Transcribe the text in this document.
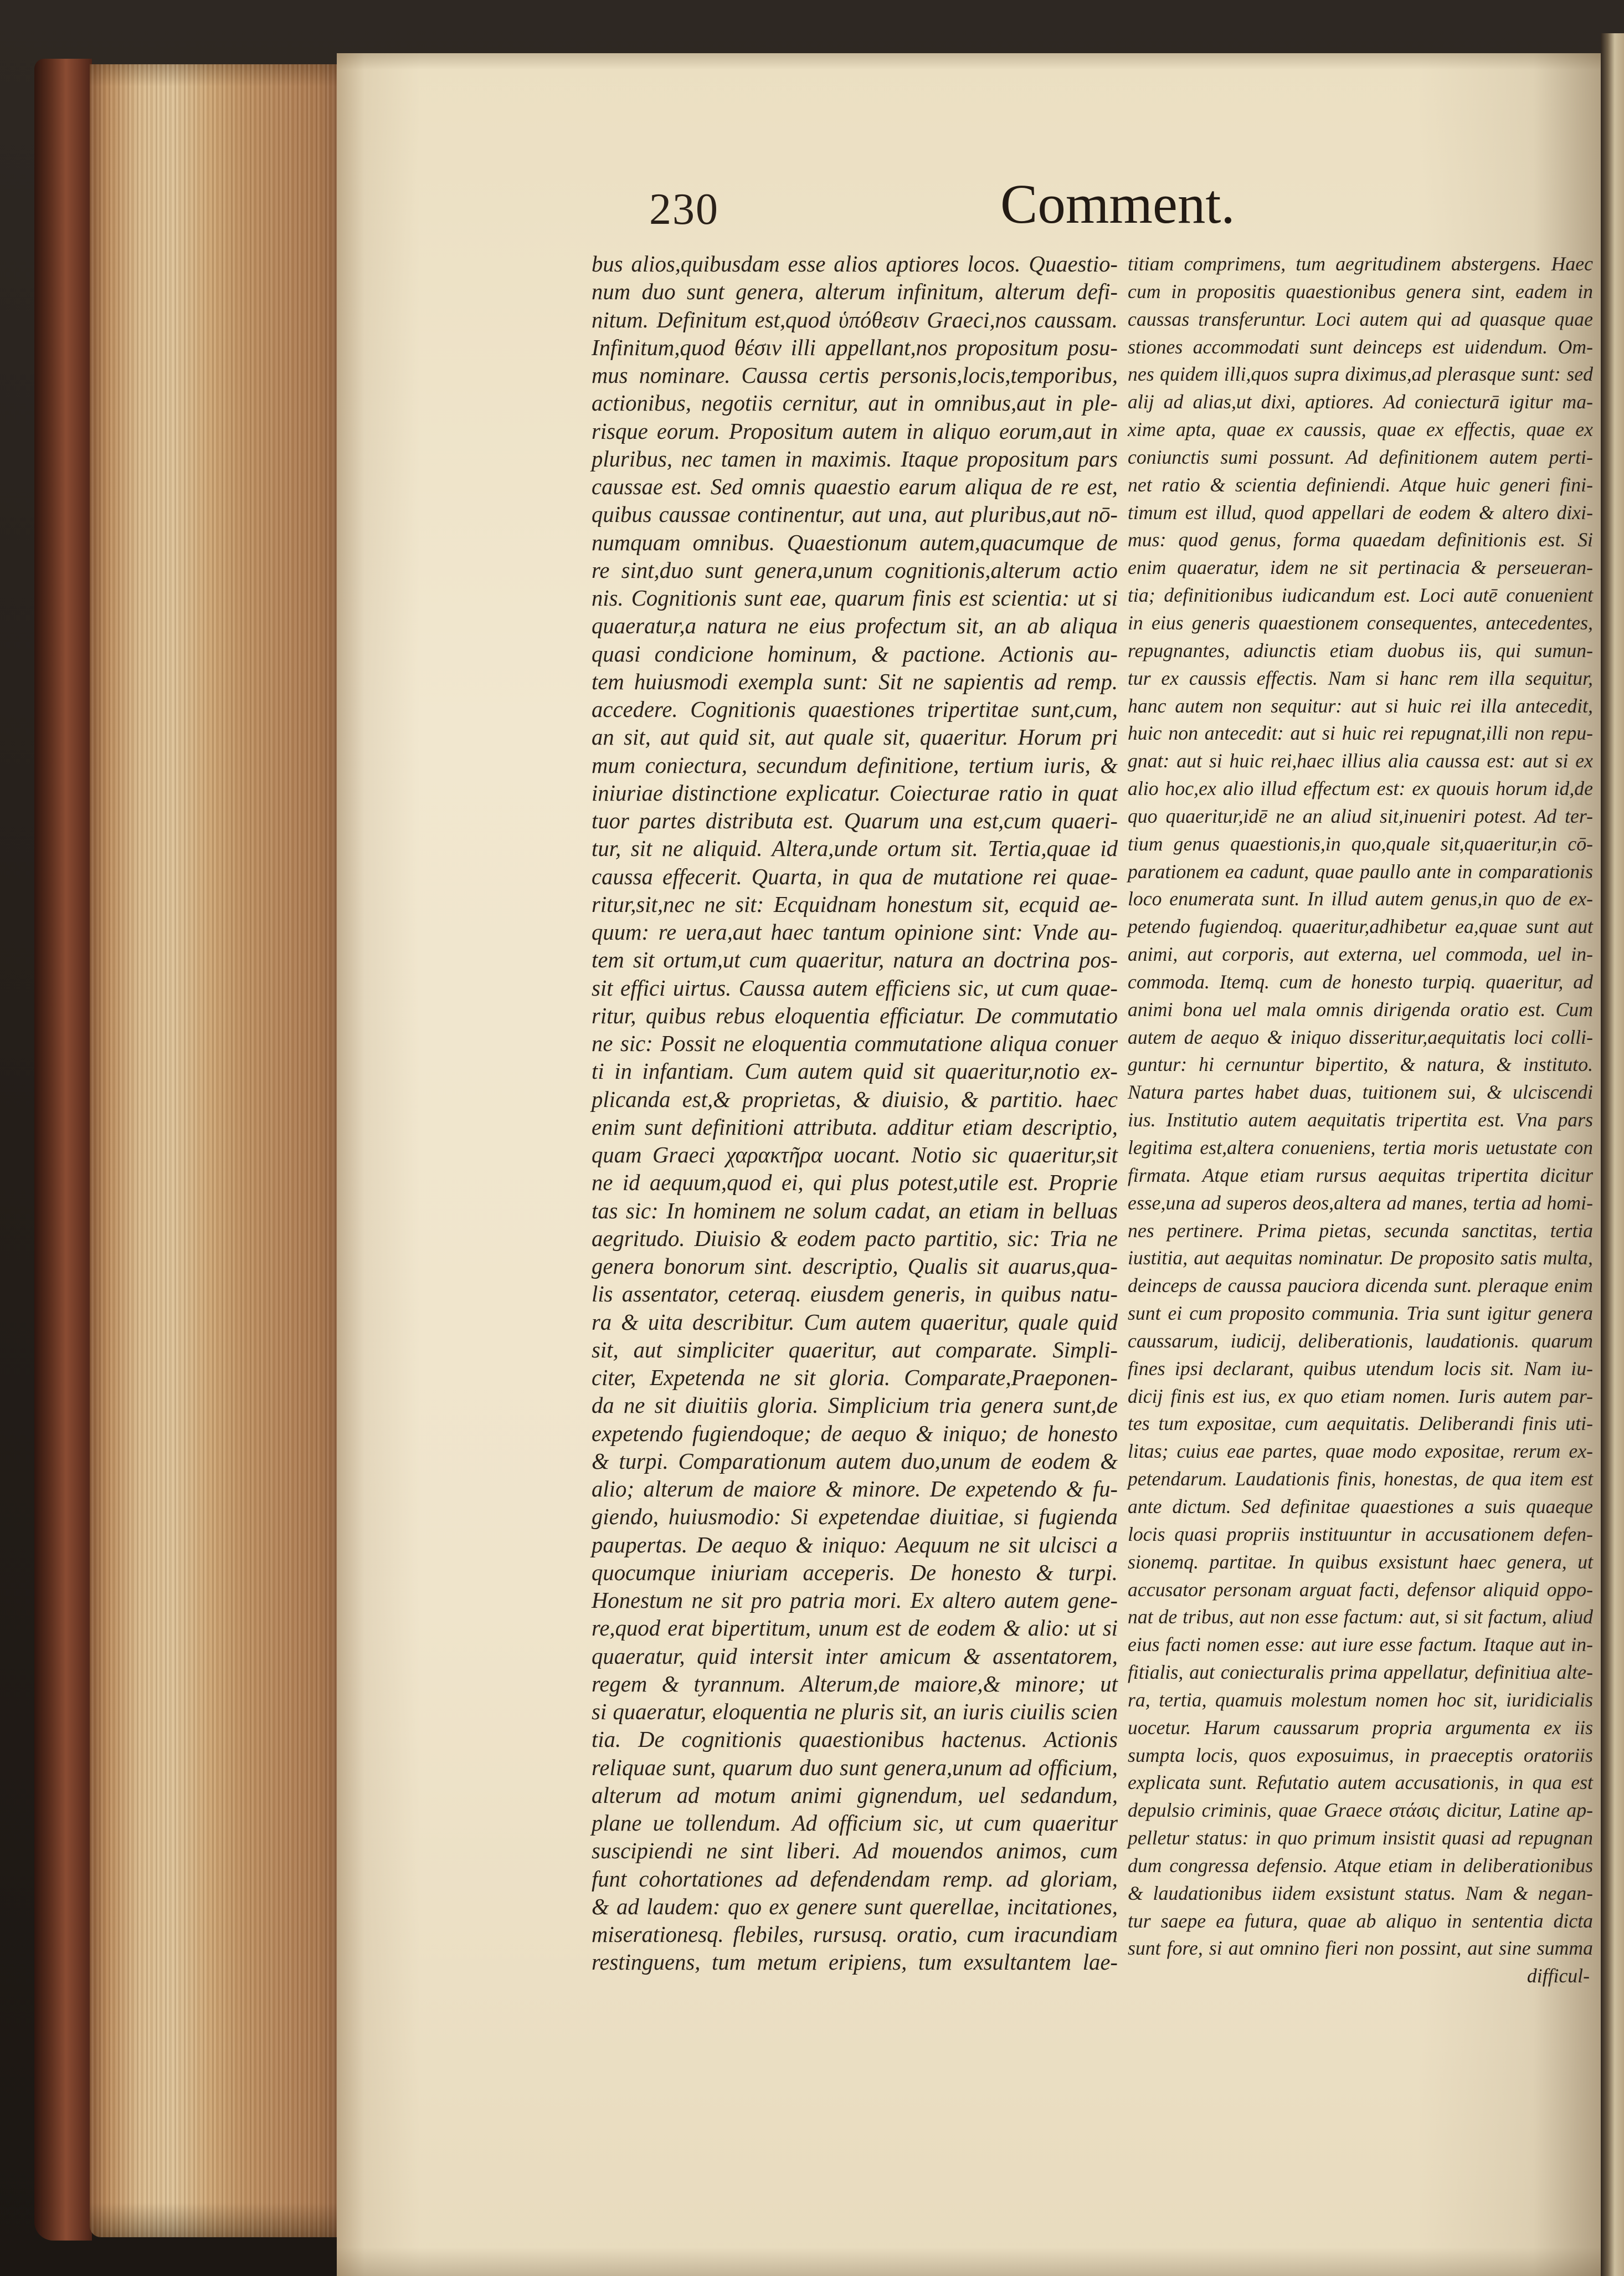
230	Comment.
bus alios,quibusdam esse alios aptiores locos. Quaestio-
num duo sunt genera, alterum infinitum, alterum defi-
nitum. Definitum est,quod ὑπόθεσιν Graeci,nos caussam.
Infinitum,quod θέσιν illi appellant,nos propositum posu-
mus nominare. Caussa certis personis,locis,temporibus,
actionibus, negotiis cernitur, aut in omnibus,aut in ple-
risque eorum. Propositum autem in aliquo eorum,aut in
pluribus, nec tamen in maximis. Itaque propositum pars
caussae est. Sed omnis quaestio earum aliqua de re est,
quibus caussae continentur, aut una, aut pluribus,aut nō-
numquam omnibus. Quaestionum autem,quacumque de
re sint,duo sunt genera,unum cognitionis,alterum actio
nis. Cognitionis sunt eae, quarum finis est scientia: ut si
quaeratur,a natura ne eius profectum sit, an ab aliqua
quasi condicione hominum, & pactione. Actionis au-
tem huiusmodi exempla sunt: Sit ne sapientis ad remp.
accedere. Cognitionis quaestiones tripertitae sunt,cum,
an sit, aut quid sit, aut quale sit, quaeritur. Horum pri
mum coniectura, secundum definitione, tertium iuris, &
iniuriae distinctione explicatur. Coiecturae ratio in quat
tuor partes distributa est. Quarum una est,cum quaeri-
tur, sit ne aliquid. Altera,unde ortum sit. Tertia,quae id
caussa effecerit. Quarta, in qua de mutatione rei quae-
ritur,sit,nec ne sit: Ecquidnam honestum sit, ecquid ae-
quum: re uera,aut haec tantum opinione sint: Vnde au-
tem sit ortum,ut cum quaeritur, natura an doctrina pos-
sit effici uirtus. Caussa autem efficiens sic, ut cum quae-
ritur, quibus rebus eloquentia efficiatur. De commutatio
ne sic: Possit ne eloquentia commutatione aliqua conuer
ti in infantiam. Cum autem quid sit quaeritur,notio ex-
plicanda est,& proprietas, & diuisio, & partitio. haec
enim sunt definitioni attributa. additur etiam descriptio,
quam Graeci χαρακτῆρα uocant. Notio sic quaeritur,sit
ne id aequum,quod ei, qui plus potest,utile est. Proprie
tas sic: In hominem ne solum cadat, an etiam in belluas
aegritudo. Diuisio & eodem pacto partitio, sic: Tria ne
genera bonorum sint. descriptio, Qualis sit auarus,qua-
lis assentator, ceteraq. eiusdem generis, in quibus natu-
ra & uita describitur. Cum autem quaeritur, quale quid
sit, aut simpliciter quaeritur, aut comparate. Simpli-
citer, Expetenda ne sit gloria. Comparate,Praeponen-
da ne sit diuitiis gloria. Simplicium tria genera sunt,de
expetendo fugiendoque; de aequo & iniquo; de honesto
& turpi. Comparationum autem duo,unum de eodem &
alio; alterum de maiore & minore. De expetendo & fu-
giendo, huiusmodio: Si expetendae diuitiae, si fugienda
paupertas. De aequo & iniquo: Aequum ne sit ulcisci a
quocumque iniuriam acceperis. De honesto & turpi.
Honestum ne sit pro patria mori. Ex altero autem gene-
re,quod erat bipertitum, unum est de eodem & alio: ut si
quaeratur, quid intersit inter amicum & assentatorem,
regem & tyrannum. Alterum,de maiore,& minore; ut
si quaeratur, eloquentia ne pluris sit, an iuris ciuilis scien
tia. De cognitionis quaestionibus hactenus. Actionis
reliquae sunt, quarum duo sunt genera,unum ad officium,
alterum ad motum animi gignendum, uel sedandum,
plane ue tollendum. Ad officium sic, ut cum quaeritur
suscipiendi ne sint liberi. Ad mouendos animos, cum
funt cohortationes ad defendendam remp. ad gloriam,
& ad laudem: quo ex genere sunt querellae, incitationes,
miserationesq. flebiles, rursusq. oratio, cum iracundiam
restinguens, tum metum eripiens, tum exsultantem lae-
titiam comprimens, tum aegritudinem abstergens. Haec
cum in propositis quaestionibus genera sint, eadem in
caussas transferuntur. Loci autem qui ad quasque quae
stiones accommodati sunt deinceps est uidendum. Om-
nes quidem illi,quos supra diximus,ad plerasque sunt: sed
alij ad alias,ut dixi, aptiores. Ad coniecturā igitur ma-
xime apta, quae ex caussis, quae ex effectis, quae ex
coniunctis sumi possunt. Ad definitionem autem perti-
net ratio & scientia definiendi. Atque huic generi fini-
timum est illud, quod appellari de eodem & altero dixi-
mus: quod genus, forma quaedam definitionis est. Si
enim quaeratur, idem ne sit pertinacia & perseueran-
tia; definitionibus iudicandum est. Loci autē conuenient
in eius generis quaestionem consequentes, antecedentes,
repugnantes, adiunctis etiam duobus iis, qui sumun-
tur ex caussis effectis. Nam si hanc rem illa sequitur,
hanc autem non sequitur: aut si huic rei illa antecedit,
huic non antecedit: aut si huic rei repugnat,illi non repu-
gnat: aut si huic rei,haec illius alia caussa est: aut si ex
alio hoc,ex alio illud effectum est: ex quouis horum id,de
quo quaeritur,idē ne an aliud sit,inueniri potest. Ad ter-
tium genus quaestionis,in quo,quale sit,quaeritur,in cō-
parationem ea cadunt, quae paullo ante in comparationis
loco enumerata sunt. In illud autem genus,in quo de ex-
petendo fugiendoq. quaeritur,adhibetur ea,quae sunt aut
animi, aut corporis, aut externa, uel commoda, uel in-
commoda. Itemq. cum de honesto turpiq. quaeritur, ad
animi bona uel mala omnis dirigenda oratio est. Cum
autem de aequo & iniquo disseritur,aequitatis loci colli-
guntur: hi cernuntur bipertito, & natura, & instituto.
Natura partes habet duas, tuitionem sui, & ulciscendi
ius. Institutio autem aequitatis tripertita est. Vna pars
legitima est,altera conueniens, tertia moris uetustate con
firmata. Atque etiam rursus aequitas tripertita dicitur
esse,una ad superos deos,altera ad manes, tertia ad homi-
nes pertinere. Prima pietas, secunda sanctitas, tertia
iustitia, aut aequitas nominatur. De proposito satis multa,
deinceps de caussa pauciora dicenda sunt. pleraque enim
sunt ei cum proposito communia. Tria sunt igitur genera
caussarum, iudicij, deliberationis, laudationis. quarum
fines ipsi declarant, quibus utendum locis sit. Nam iu-
dicij finis est ius, ex quo etiam nomen. Iuris autem par-
tes tum expositae, cum aequitatis. Deliberandi finis uti-
litas; cuius eae partes, quae modo expositae, rerum ex-
petendarum. Laudationis finis, honestas, de qua item est
ante dictum. Sed definitae quaestiones a suis quaeque
locis quasi propriis instituuntur in accusationem defen-
sionemq. partitae. In quibus exsistunt haec genera, ut
accusator personam arguat facti, defensor aliquid oppo-
nat de tribus, aut non esse factum: aut, si sit factum, aliud
eius facti nomen esse: aut iure esse factum. Itaque aut in-
fitialis, aut coniecturalis prima appellatur, definitiua alte-
ra, tertia, quamuis molestum nomen hoc sit, iuridicialis
uocetur. Harum caussarum propria argumenta ex iis
sumpta locis, quos exposuimus, in praeceptis oratoriis
explicata sunt. Refutatio autem accusationis, in qua est
depulsio criminis, quae Graece στάσις dicitur, Latine ap-
pelletur status: in quo primum insistit quasi ad repugnan
dum congressa defensio. Atque etiam in deliberationibus
& laudationibus iidem exsistunt status. Nam & negan-
tur saepe ea futura, quae ab aliquo in sententia dicta
sunt fore, si aut omnino fieri non possint, aut sine summa
difficul-
